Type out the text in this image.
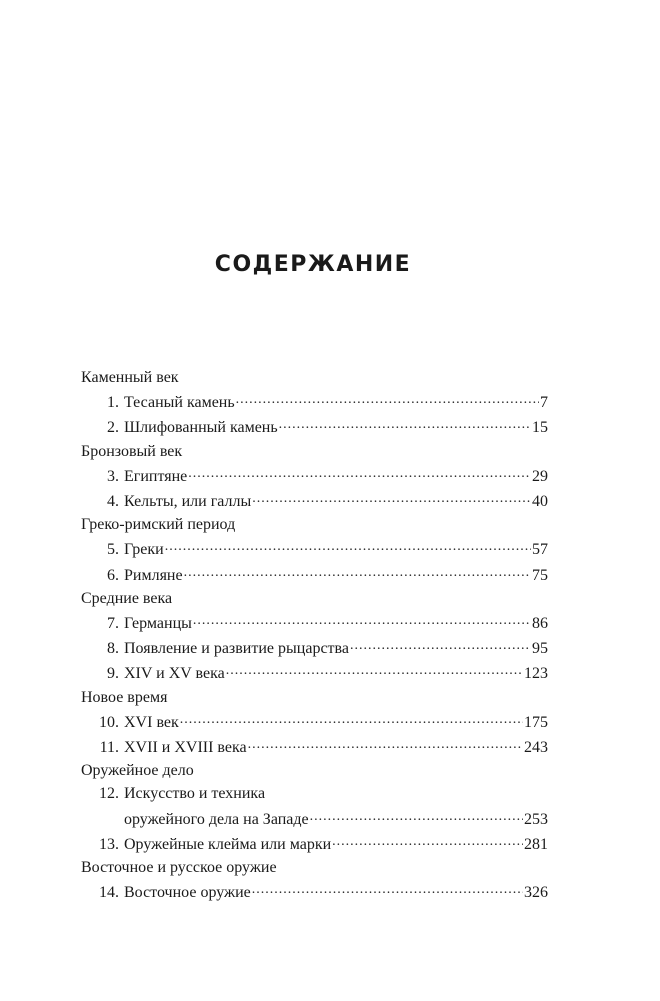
СОДЕРЖАНИЕ
Каменный век
1. Тесаный камень .....	7
2. Шлифованный камень .....	15
Бронзовый век
3. Египтяне .....	29
4. Кельты, или галлы .....	40
Греко-римский период
5. Греки .....	57
6. Римляне .....	75
Средние века
7. Германцы .....	86
8. Появление и развитие рыцарства .....	95
9. XIV и XV века .....	123
Новое время
10. XVI век .....	175
11. XVII и XVIII века .....	243
Оружейное дело
12. Искусство и техника
оружейного дела на Западе .....	253
13. Оружейные клейма или марки .....	281
Восточное и русское оружие
14. Восточное оружие .....	326
